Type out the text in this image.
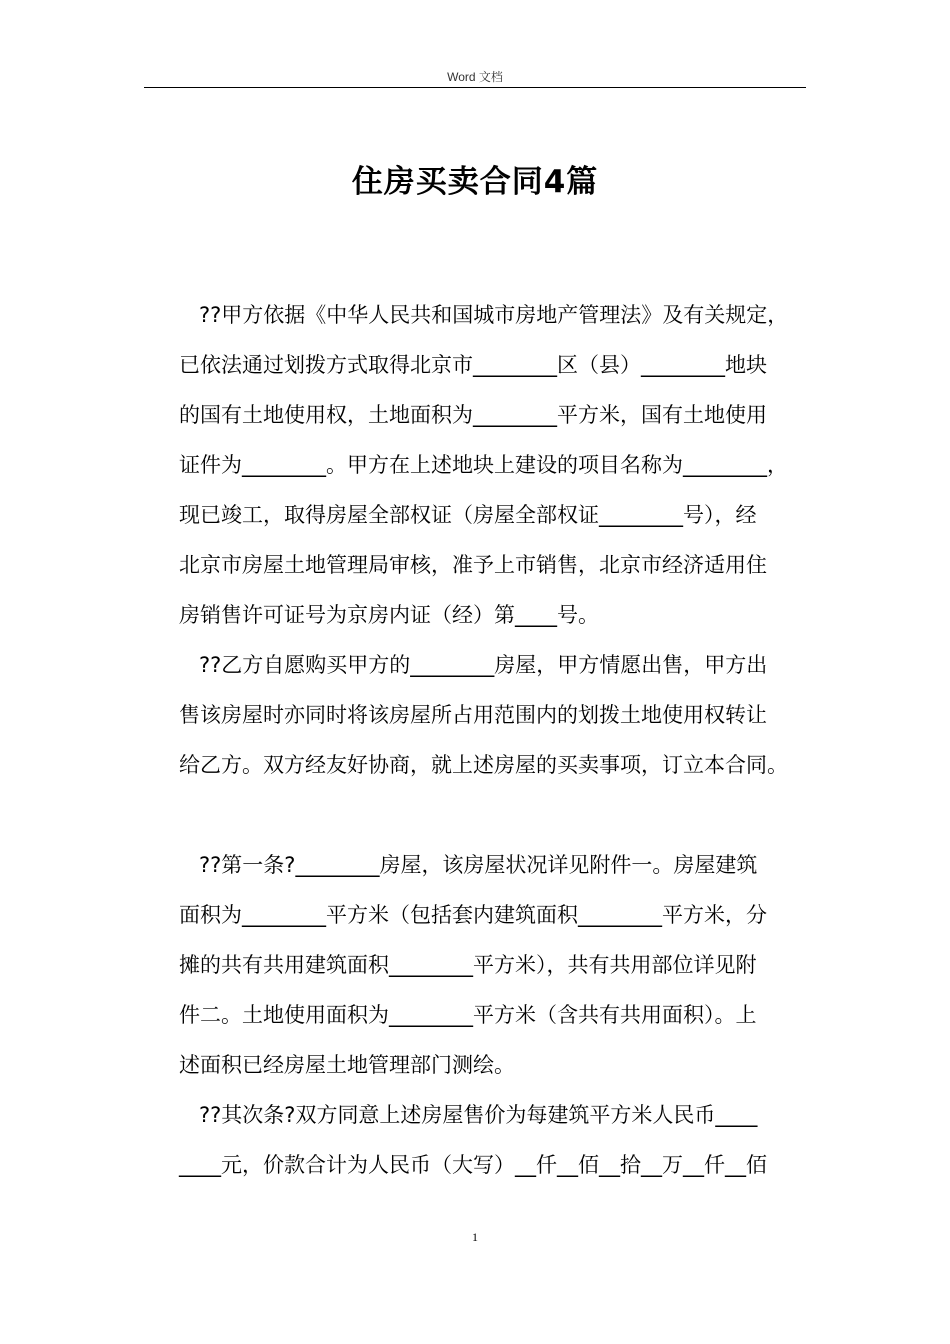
Word 文档
住房买卖合同4篇
??甲方依据《中华人民共和国城市房地产管理法》及有关规定，
已依法通过划拨方式取得北京市________区（县）________地块
的国有土地使用权，土地面积为________平方米，国有土地使用
证件为________。甲方在上述地块上建设的项目名称为________，
现已竣工，取得房屋全部权证（房屋全部权证________号），经
北京市房屋土地管理局审核，准予上市销售，北京市经济适用住
房销售许可证号为京房内证（经）第____号。
??乙方自愿购买甲方的________房屋，甲方情愿出售，甲方出
售该房屋时亦同时将该房屋所占用范围内的划拨土地使用权转让
给乙方。双方经友好协商，就上述房屋的买卖事项，订立本合同。
??第一条?________房屋，该房屋状况详见附件一。房屋建筑
面积为________平方米（包括套内建筑面积________平方米，分
摊的共有共用建筑面积________平方米），共有共用部位详见附
件二。土地使用面积为________平方米（含共有共用面积）。上
述面积已经房屋土地管理部门测绘。
??其次条?双方同意上述房屋售价为每建筑平方米人民币____
____元，价款合计为人民币（大写）__仟__佰__拾__万__仟__佰
1
